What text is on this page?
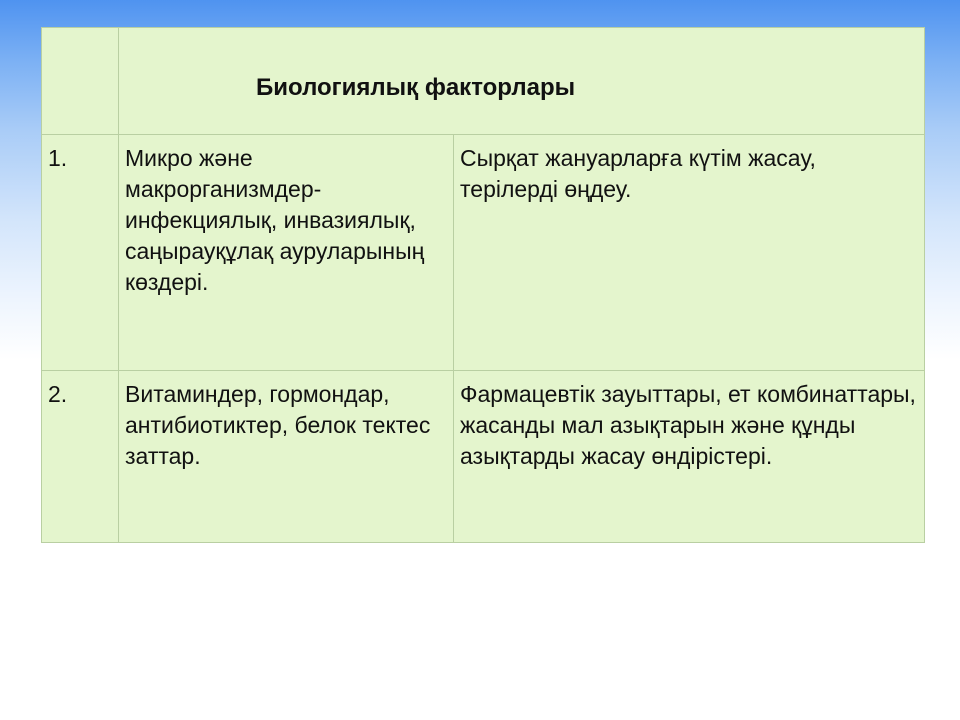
	Биологиялық факторлары	

1.	Микро және макрорганизмдер-инфекциялық, инвазиялық, саңырауқұлақ ауруларының көздері.	Сырқат жануарларға күтім жасау, терілерді өңдеу.
2.	Витаминдер, гормондар, антибиотиктер, белок тектес заттар.	Фармацевтік зауыттары, ет комбинаттары, жасанды мал азықтарын және құнды азықтарды жасау өндірістері.
